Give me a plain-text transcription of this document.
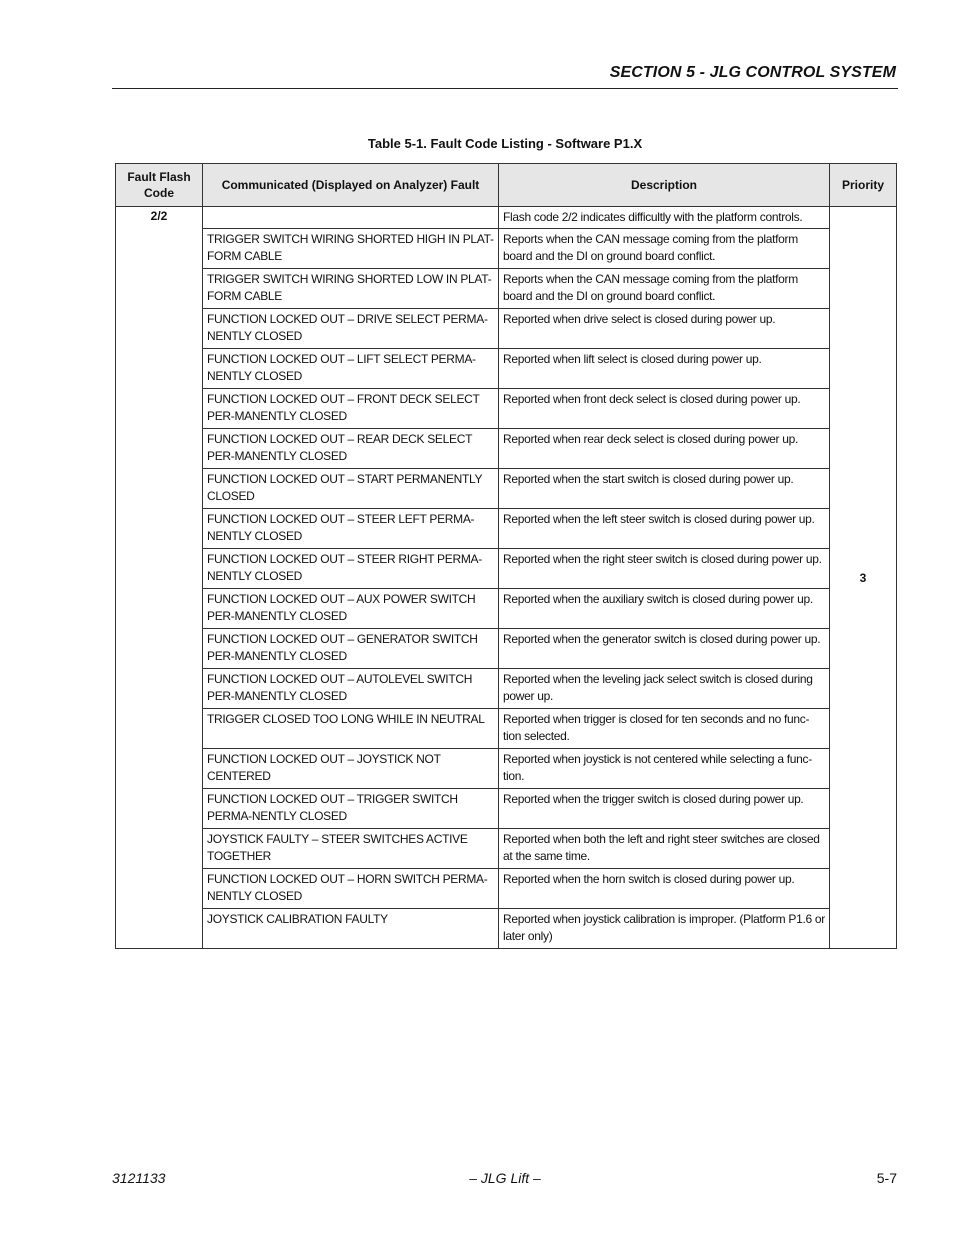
SECTION 5 - JLG CONTROL SYSTEM
Table 5-1. Fault Code Listing - Software P1.X
Fault Flash Code	Communicated (Displayed on Analyzer) Fault	Description	Priority
2/2		Flash code 2/2 indicates difficultly with the platform controls.	3
	TRIGGER SWITCH WIRING SHORTED HIGH IN PLAT-FORM CABLE	Reports when the CAN message coming from the platform board and the DI on ground board conflict.	
	TRIGGER SWITCH WIRING SHORTED LOW IN PLAT-FORM CABLE	Reports when the CAN message coming from the platform board and the DI on ground board conflict.	
	FUNCTION LOCKED OUT – DRIVE SELECT PERMA-NENTLY CLOSED	Reported when drive select is closed during power up.	
	FUNCTION LOCKED OUT – LIFT SELECT PERMA-NENTLY CLOSED	Reported when lift select is closed during power up.	
	FUNCTION LOCKED OUT – FRONT DECK SELECT PER-MANENTLY CLOSED	Reported when front deck select is closed during power up.	
	FUNCTION LOCKED OUT – REAR DECK SELECT PER-MANENTLY CLOSED	Reported when rear deck select is closed during power up.	
	FUNCTION LOCKED OUT – START PERMANENTLY CLOSED	Reported when the start switch is closed during power up.	
	FUNCTION LOCKED OUT – STEER LEFT PERMA-NENTLY CLOSED	Reported when the left steer switch is closed during power up.	
	FUNCTION LOCKED OUT – STEER RIGHT PERMA-NENTLY CLOSED	Reported when the right steer switch is closed during power up.	
	FUNCTION LOCKED OUT – AUX POWER SWITCH PER-MANENTLY CLOSED	Reported when the auxiliary switch is closed during power up.	
	FUNCTION LOCKED OUT – GENERATOR SWITCH PER-MANENTLY CLOSED	Reported when the generator switch is closed during power up.	
	FUNCTION LOCKED OUT – AUTOLEVEL SWITCH PER-MANENTLY CLOSED	Reported when the leveling jack select switch is closed during power up.	
	TRIGGER CLOSED TOO LONG WHILE IN NEUTRAL	Reported when trigger is closed for ten seconds and no func-tion selected.	
	FUNCTION LOCKED OUT – JOYSTICK NOT CENTERED	Reported when joystick is not centered while selecting a func-tion.	
	FUNCTION LOCKED OUT – TRIGGER SWITCH PERMA-NENTLY CLOSED	Reported when the trigger switch is closed during power up.	
	JOYSTICK FAULTY – STEER SWITCHES ACTIVE TOGETHER	Reported when both the left and right steer switches are closed at the same time.	
	FUNCTION LOCKED OUT – HORN SWITCH PERMA-NENTLY CLOSED	Reported when the horn switch is closed during power up.	
	JOYSTICK CALIBRATION FAULTY	Reported when joystick calibration is improper. (Platform P1.6 or later only)	
3121133	– JLG Lift –	5-7
